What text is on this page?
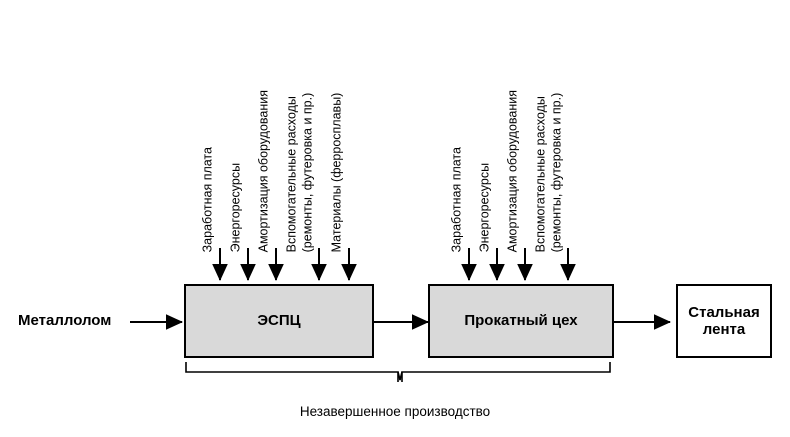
Заработная плата Энергоресурсы Амортизация оборудования Вспомогательные расходы (ремонты, футеровка и пр.) Материалы (ферросплавы)	Заработная плата Энергоресурсы Амортизация оборудования Вспомогательные расходы (ремонты, футеровка и пр.)
Металлолом	ЭСПЦ	Прокатный цех
Стальная
лента
Незавершенное производство
